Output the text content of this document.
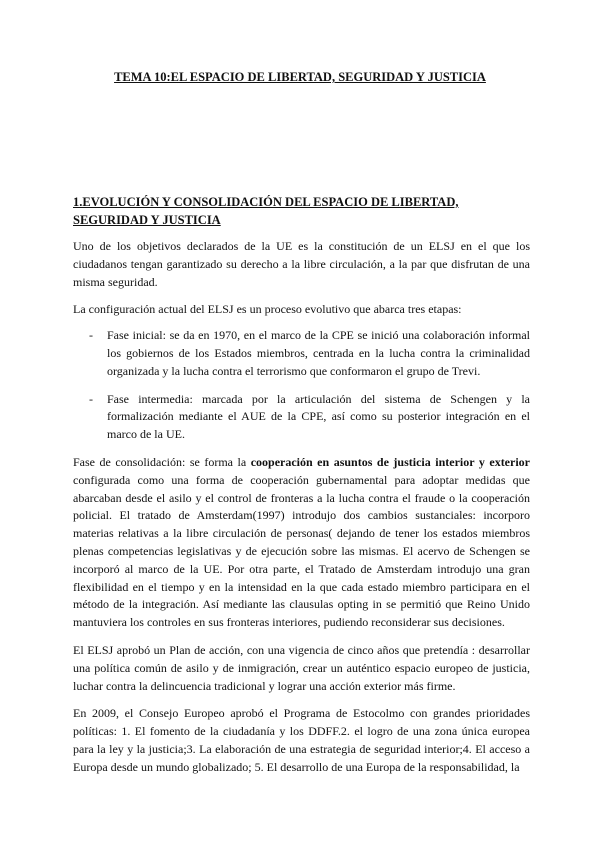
TEMA 10:EL ESPACIO DE LIBERTAD, SEGURIDAD Y JUSTICIA
1.EVOLUCIÓN Y CONSOLIDACIÓN DEL ESPACIO DE LIBERTAD, SEGURIDAD Y JUSTICIA

Uno de los objetivos declarados de la UE es la constitución de un ELSJ en el que los ciudadanos tengan garantizado su derecho a la libre circulación, a la par que disfrutan de una misma seguridad.

La configuración actual del ELSJ es un proceso evolutivo que abarca tres etapas:

- Fase inicial: se da en 1970, en el marco de la CPE se inició una colaboración informal los gobiernos de los Estados miembros, centrada en la lucha contra la criminalidad organizada y la lucha contra el terrorismo que conformaron el grupo de Trevi.
- Fase intermedia: marcada por la articulación del sistema de Schengen y la formalización mediante el AUE de la CPE, así como su posterior integración en el marco de la UE.

Fase de consolidación: se forma la cooperación en asuntos de justicia interior y exterior configurada como una forma de cooperación gubernamental para adoptar medidas que abarcaban desde el asilo y el control de fronteras a la lucha contra el fraude o la cooperación policial. El tratado de Amsterdam(1997) introdujo dos cambios sustanciales: incorporo materias relativas a la libre circulación de personas( dejando de tener los estados miembros plenas competencias legislativas y de ejecución sobre las mismas. El acervo de Schengen se incorporó al marco de la UE. Por otra parte, el Tratado de Amsterdam introdujo una gran flexibilidad en el tiempo y en la intensidad en la que cada estado miembro participara en el método de la integración. Así mediante las clausulas opting in se permitió que Reino Unido mantuviera los controles en sus fronteras interiores, pudiendo reconsiderar sus decisiones.

El ELSJ aprobó un Plan de acción, con una vigencia de cinco años que pretendía : desarrollar una política común de asilo y de inmigración, crear un auténtico espacio europeo de justicia, luchar contra la delincuencia tradicional y lograr una acción exterior más firme.

En 2009, el Consejo Europeo aprobó el Programa de Estocolmo con grandes prioridades políticas: 1. El fomento de la ciudadanía y los DDFF.2. el logro de una zona única europea para la ley y la justicia;3. La elaboración de una estrategia de seguridad interior;4. El acceso a Europa desde un mundo globalizado; 5. El desarrollo de una Europa de la responsabilidad, la
